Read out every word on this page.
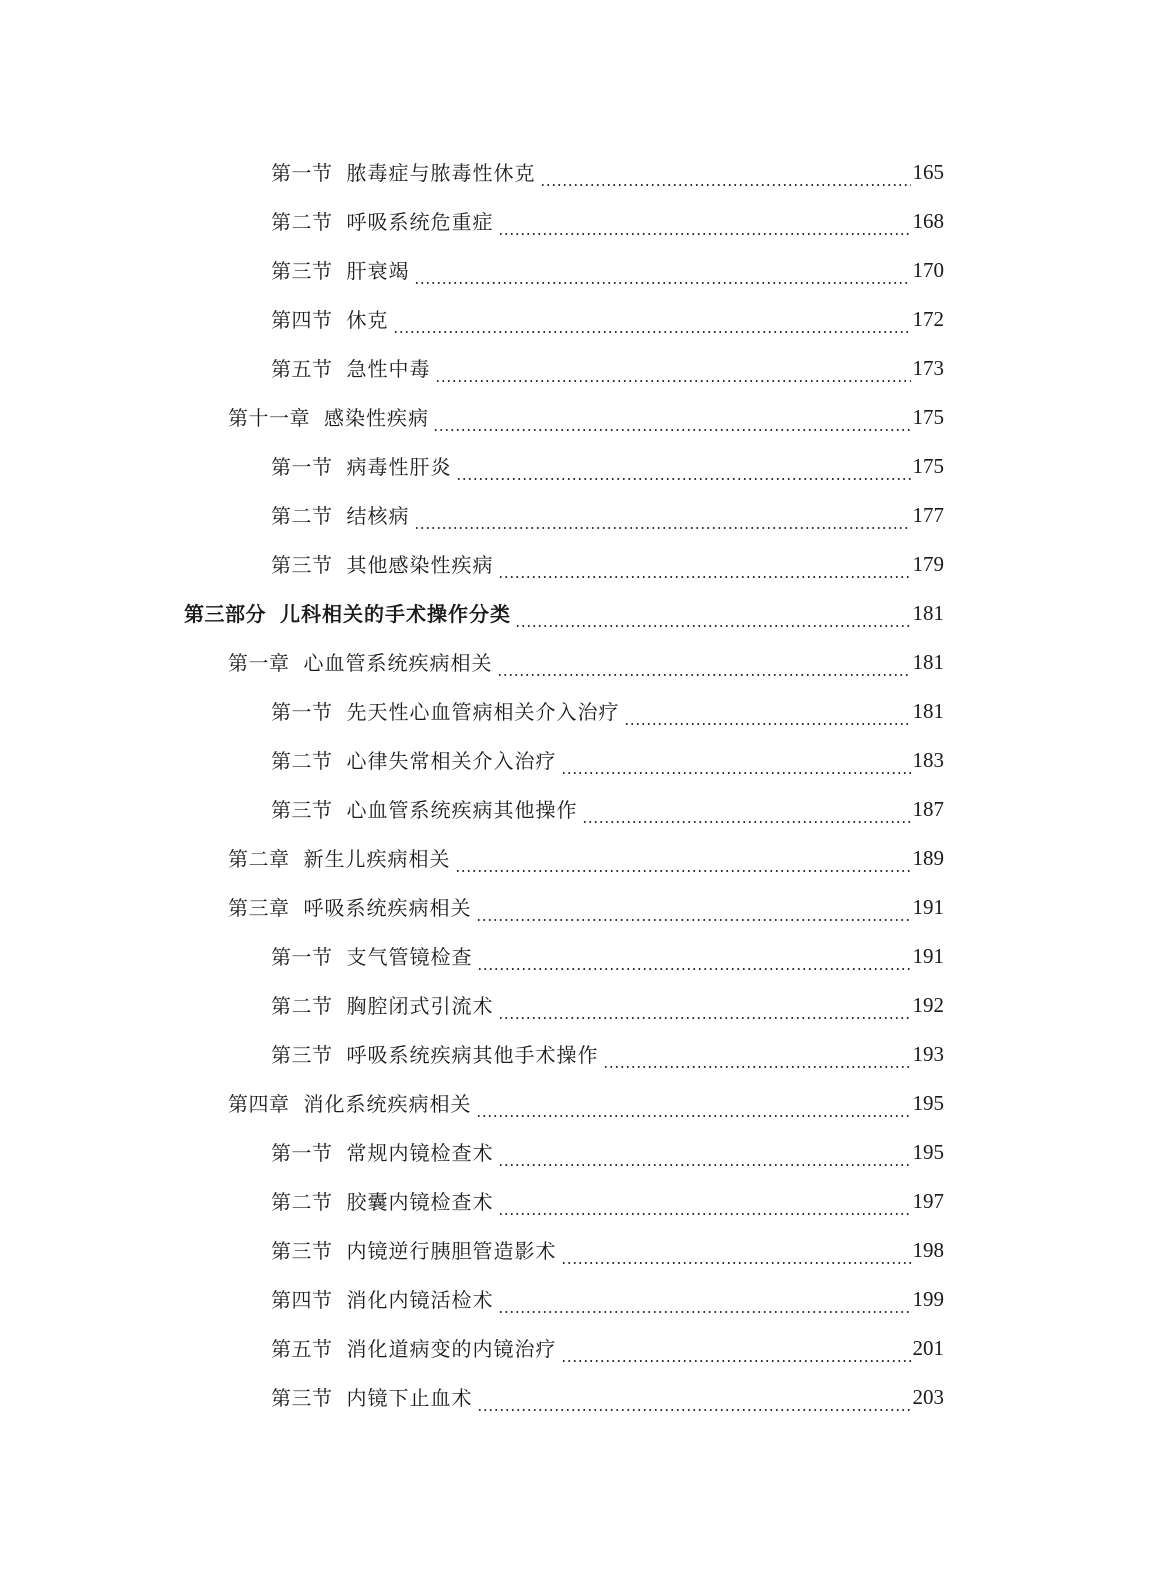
第一节 脓毒症与脓毒性休克	165
第二节 呼吸系统危重症	168
第三节 肝衰竭	170
第四节 休克	172
第五节 急性中毒	173
第十一章 感染性疾病	175
第一节 病毒性肝炎	175
第二节 结核病	177
第三节 其他感染性疾病	179
第三部分 儿科相关的手术操作分类	181
第一章 心血管系统疾病相关	181
第一节 先天性心血管病相关介入治疗	181
第二节 心律失常相关介入治疗	183
第三节 心血管系统疾病其他操作	187
第二章 新生儿疾病相关	189
第三章 呼吸系统疾病相关	191
第一节 支气管镜检查	191
第二节 胸腔闭式引流术	192
第三节 呼吸系统疾病其他手术操作	193
第四章 消化系统疾病相关	195
第一节 常规内镜检查术	195
第二节 胶囊内镜检查术	197
第三节 内镜逆行胰胆管造影术	198
第四节 消化内镜活检术	199
第五节 消化道病变的内镜治疗	201
第三节 内镜下止血术	203
